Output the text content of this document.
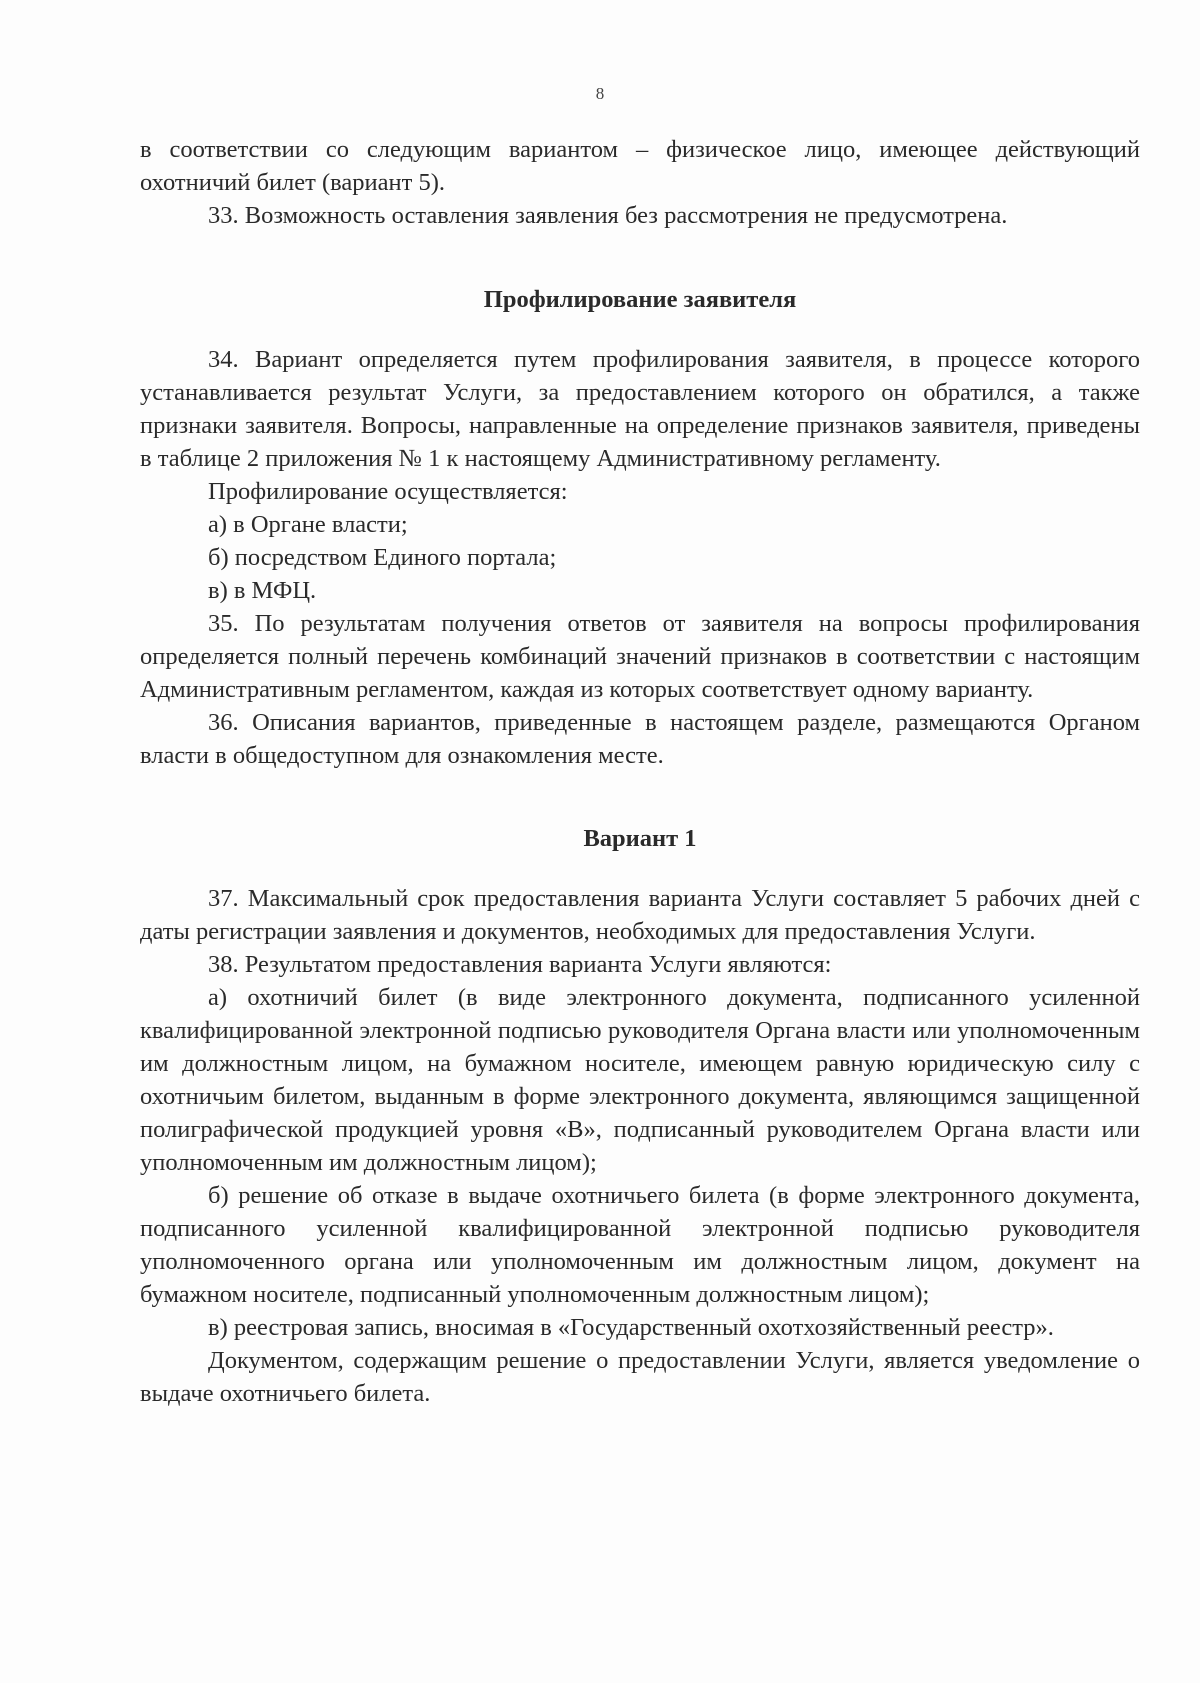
8

в соответствии со следующим вариантом – физическое лицо, имеющее действующий охотничий билет (вариант 5).

33. Возможность оставления заявления без рассмотрения не предусмотрена.

Профилирование заявителя

34. Вариант определяется путем профилирования заявителя, в процессе которого устанавливается результат Услуги, за предоставлением которого он обратился, а также признаки заявителя. Вопросы, направленные на определение признаков заявителя, приведены в таблице 2 приложения № 1 к настоящему Административному регламенту.

Профилирование осуществляется:

а) в Органе власти;

б) посредством Единого портала;

в) в МФЦ.

35. По результатам получения ответов от заявителя на вопросы профилирования определяется полный перечень комбинаций значений признаков в соответствии с настоящим Административным регламентом, каждая из которых соответствует одному варианту.

36. Описания вариантов, приведенные в настоящем разделе, размещаются Органом власти в общедоступном для ознакомления месте.

Вариант 1

37. Максимальный срок предоставления варианта Услуги составляет 5 рабочих дней с даты регистрации заявления и документов, необходимых для предоставления Услуги.

38. Результатом предоставления варианта Услуги являются:

а) охотничий билет (в виде электронного документа, подписанного усиленной квалифицированной электронной подписью руководителя Органа власти или уполномоченным им должностным лицом, на бумажном носителе, имеющем равную юридическую силу с охотничьим билетом, выданным в форме электронного документа, являющимся защищенной полиграфической продукцией уровня «В», подписанный руководителем Органа власти или уполномоченным им должностным лицом);

б) решение об отказе в выдаче охотничьего билета (в форме электронного документа, подписанного усиленной квалифицированной электронной подписью руководителя уполномоченного органа или уполномоченным им должностным лицом, документ на бумажном носителе, подписанный уполномоченным должностным лицом);

в) реестровая запись, вносимая в «Государственный охотхозяйственный реестр».

Документом, содержащим решение о предоставлении Услуги, является уведомление о выдаче охотничьего билета.
